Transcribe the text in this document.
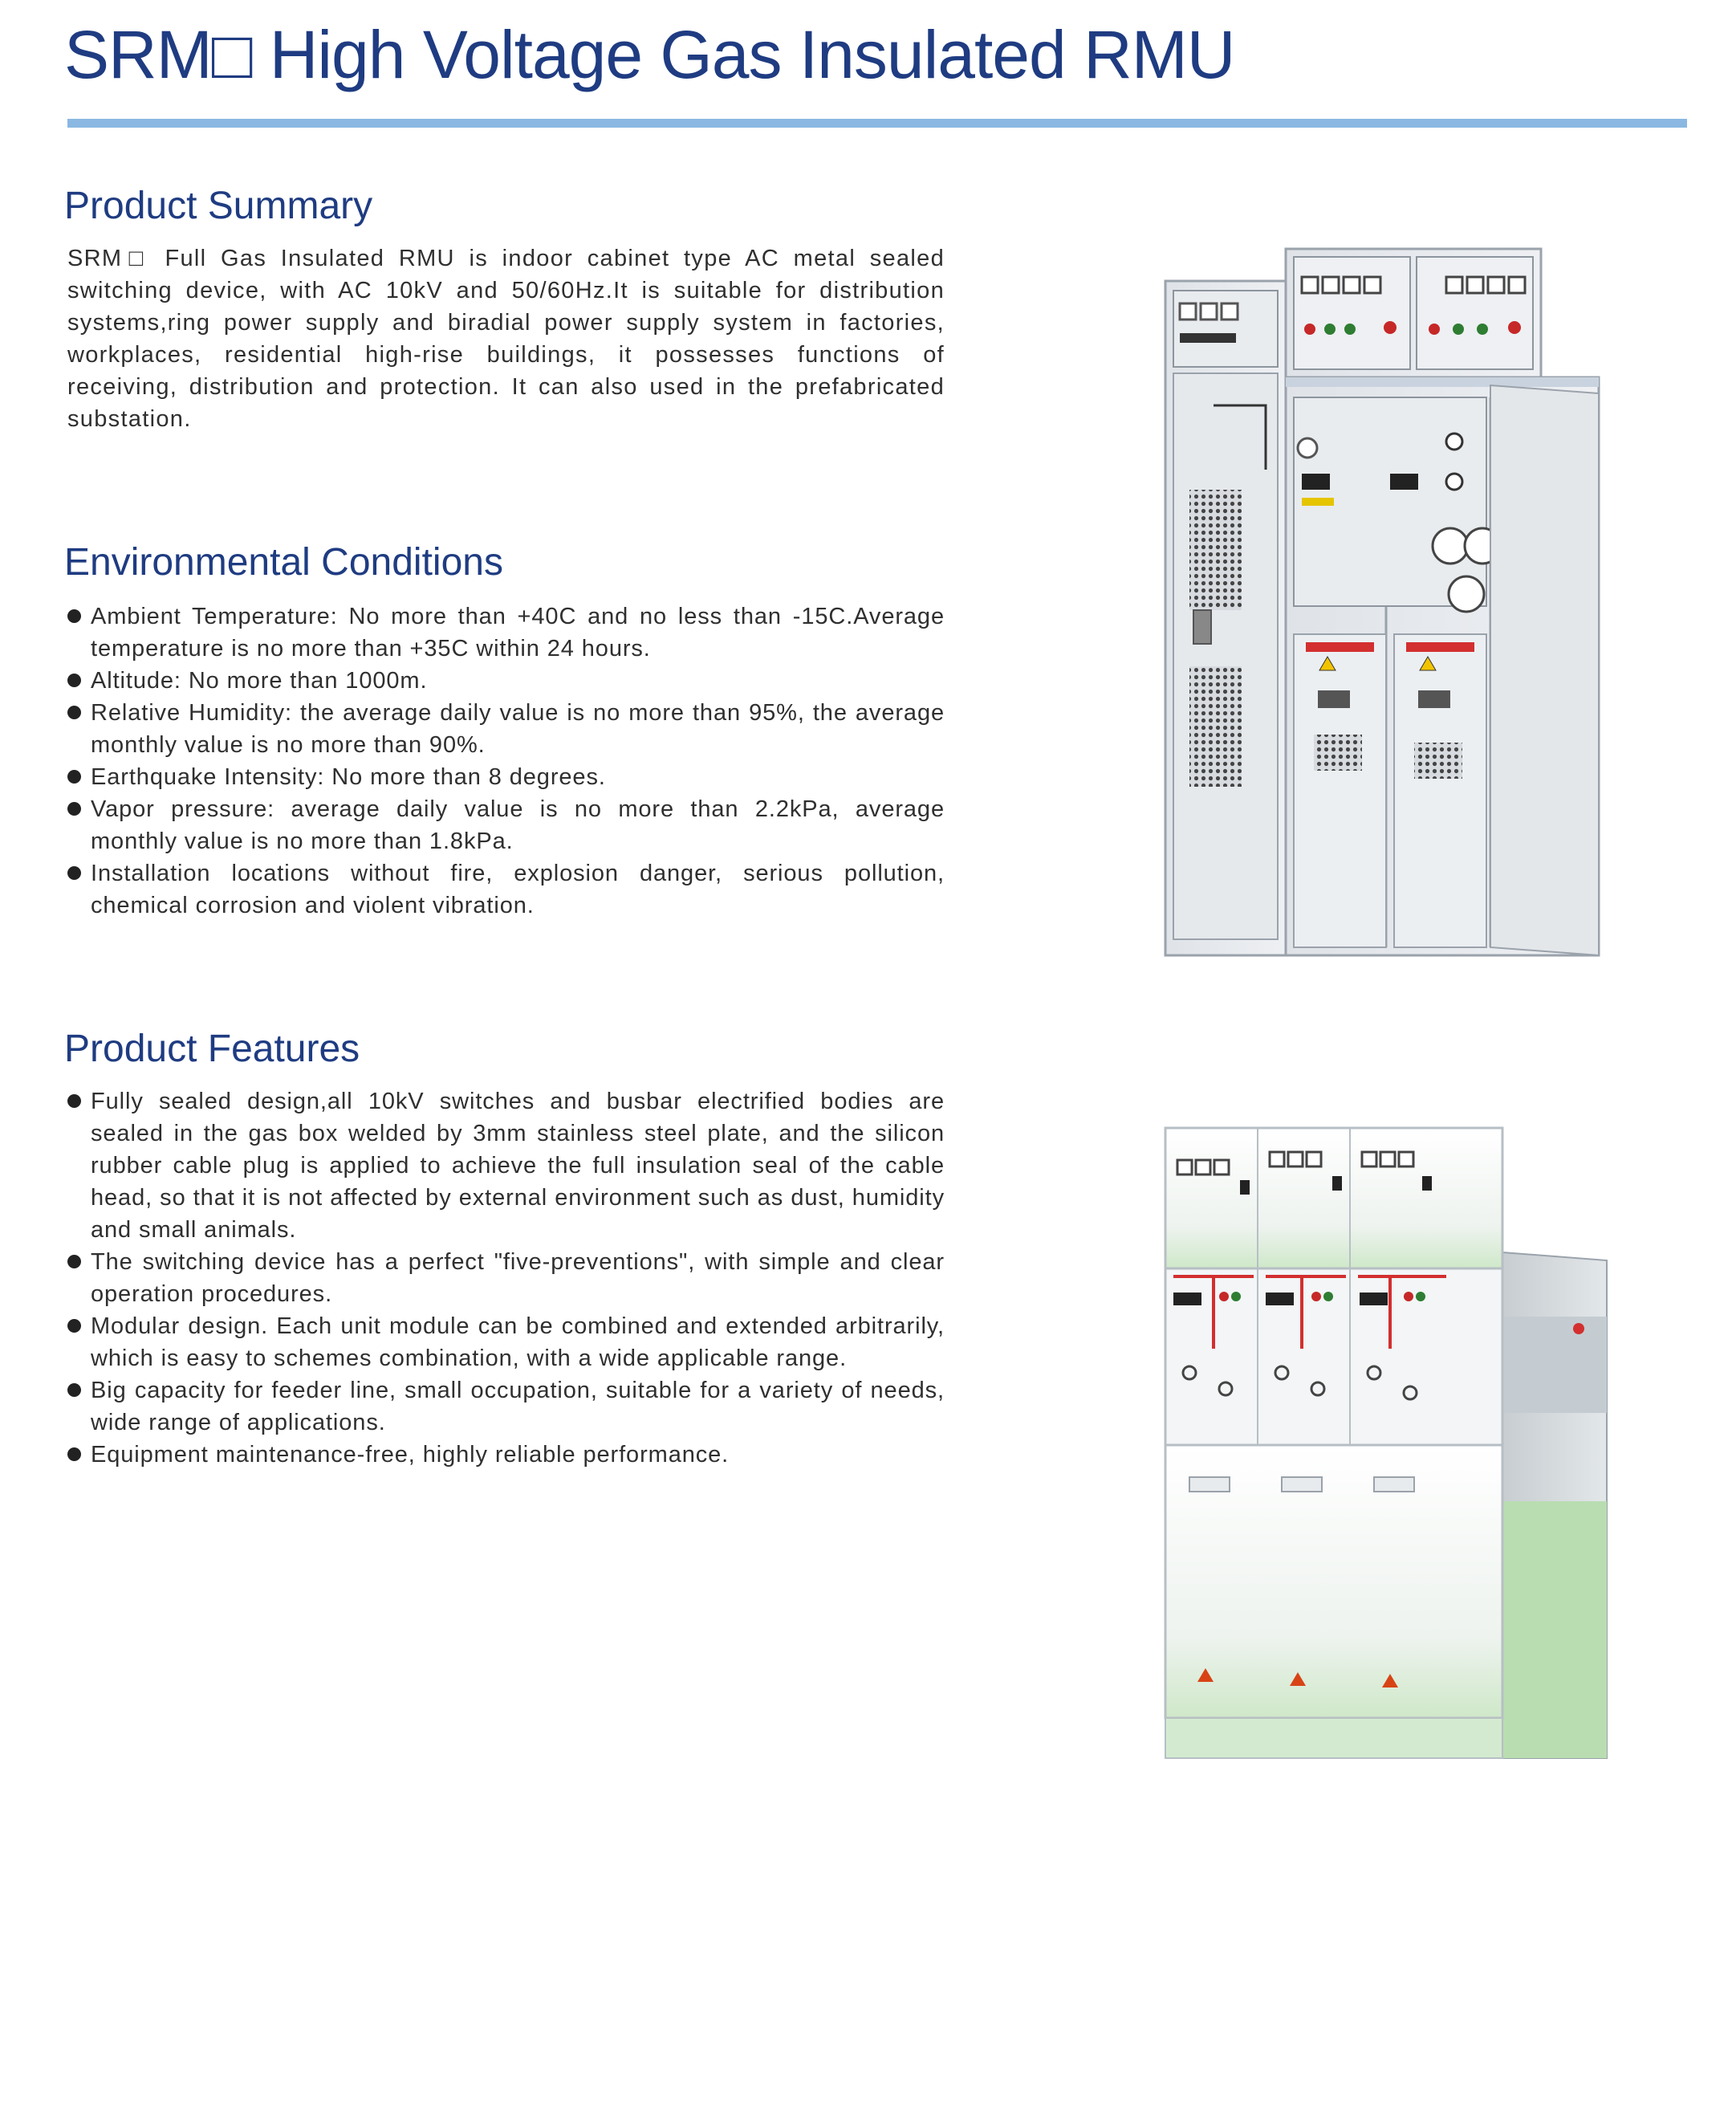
SRM□ High Voltage Gas Insulated RMU
Product Summary

SRM□ Full Gas Insulated RMU is indoor cabinet type AC metal sealed switching device, with AC 10kV and 50/60Hz.It is suitable for distribution systems,ring power supply and biradial power supply system in factories, workplaces, residential high-rise buildings, it possesses functions of receiving, distribution and protection. It can also used in the prefabricated substation.

Environmental Conditions
Ambient Temperature: No more than +40C and no less than -15C.Average temperature is no more than +35C within 24 hours.
Altitude: No more than 1000m.
Relative Humidity: the average daily value is no more than 95%, the average monthly value is no more than 90%.
Earthquake Intensity: No more than 8 degrees.
Vapor pressure: average daily value is no more than 2.2kPa, average monthly value is no more than 1.8kPa.
Installation locations without fire, explosion danger, serious pollution, chemical corrosion and violent vibration.
Product Features
Fully sealed design,all 10kV switches and busbar electrified bodies are sealed in the gas box welded by 3mm stainless steel plate, and the silicon rubber cable plug is applied to achieve the full insulation seal of the cable head, so that it is not affected by external environment such as dust, humidity and small animals.
The switching device has a perfect "five-preventions", with simple and clear operation procedures.
Modular design. Each unit module can be combined and extended arbitrarily, which is easy to schemes combination, with a wide applicable range.
Big capacity for feeder line, small occupation, suitable for a variety of needs, wide range of applications.
Equipment maintenance-free, highly reliable performance.
